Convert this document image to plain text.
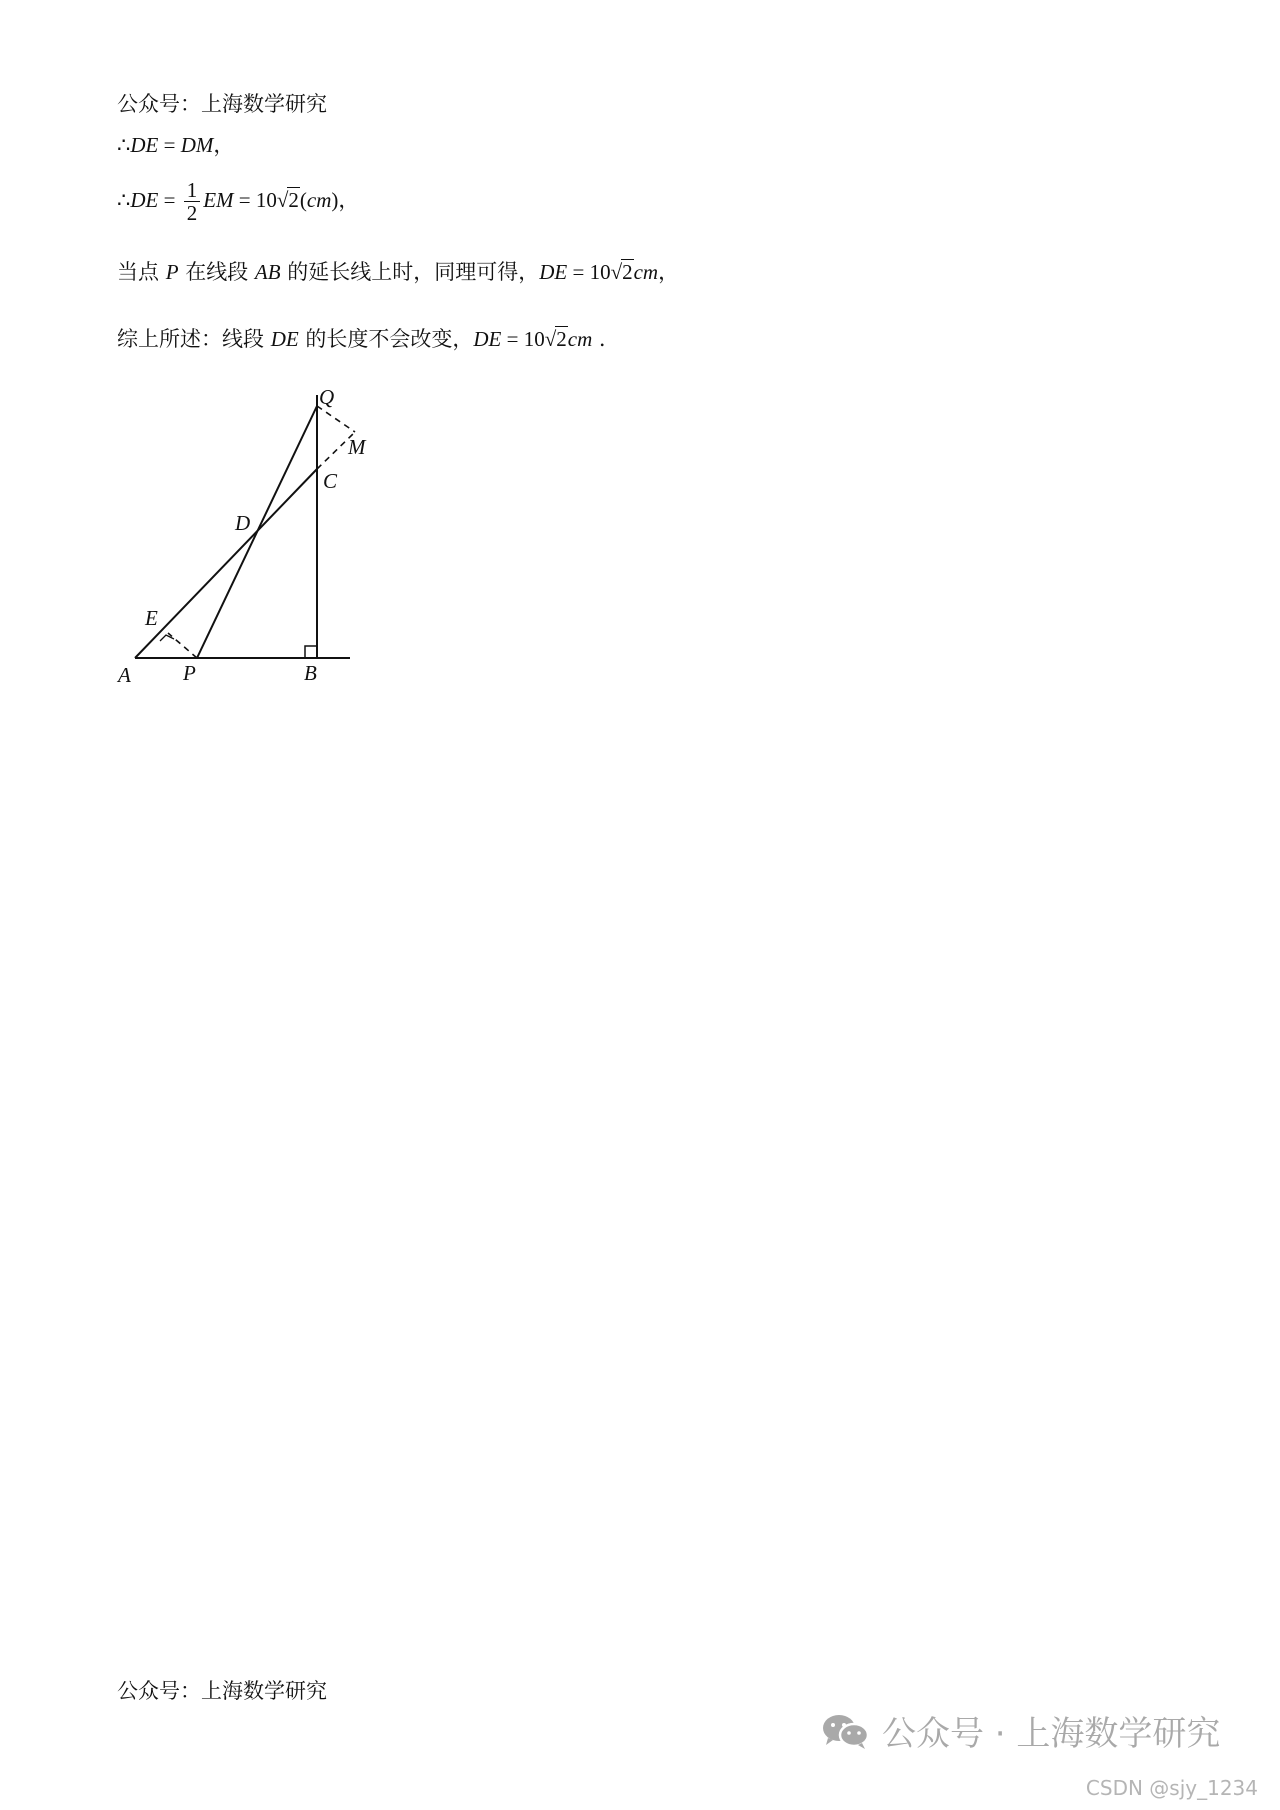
公众号：上海数学研究
∴DE = DM，
∴DE = $\frac{1}{2}$ EM = 10√2(cm)，
当点 P 在线段 AB 的延长线上时，同理可得，DE = 10√2cm，
综上所述：线段 DE 的长度不会改变，DE = 10√2cm .
Q
M
C
D
E
A P	B
公众号：上海数学研究
公众号 · 上海数学研究
CSDN @sjy_1234
